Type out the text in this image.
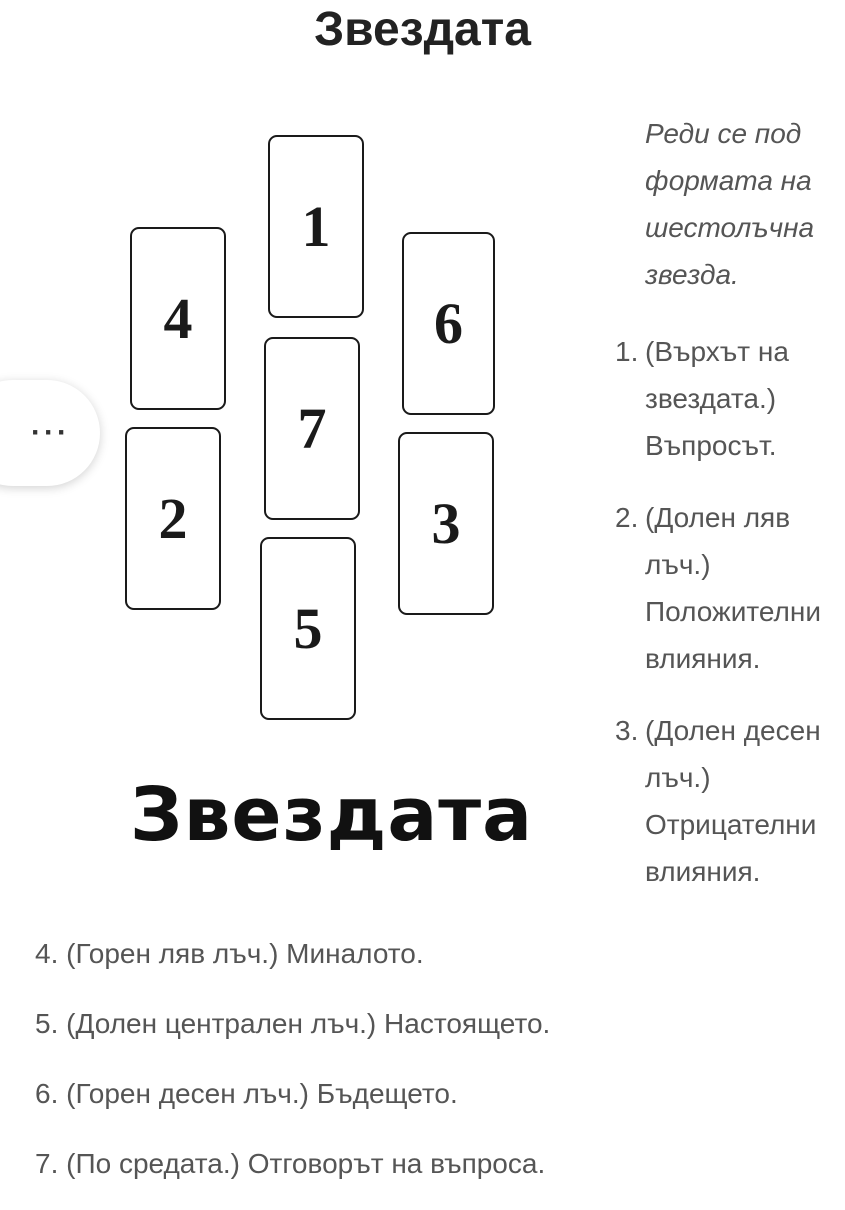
Звездата
1
4	6
7
2	3
5
Звездата

Реди се под формата на шестолъчна звезда.

1. (Върхът на звездата.) Въпросът.
2. (Долен ляв лъч.) Положителни влияния.
3. (Долен десен лъч.) Отрицателни влияния.

4. (Горен ляв лъч.) Миналото.

5. (Долен централен лъч.) Настоящето.

6. (Горен десен лъч.) Бъдещето.

7. (По средата.) Отговорът на въпроса.

···
